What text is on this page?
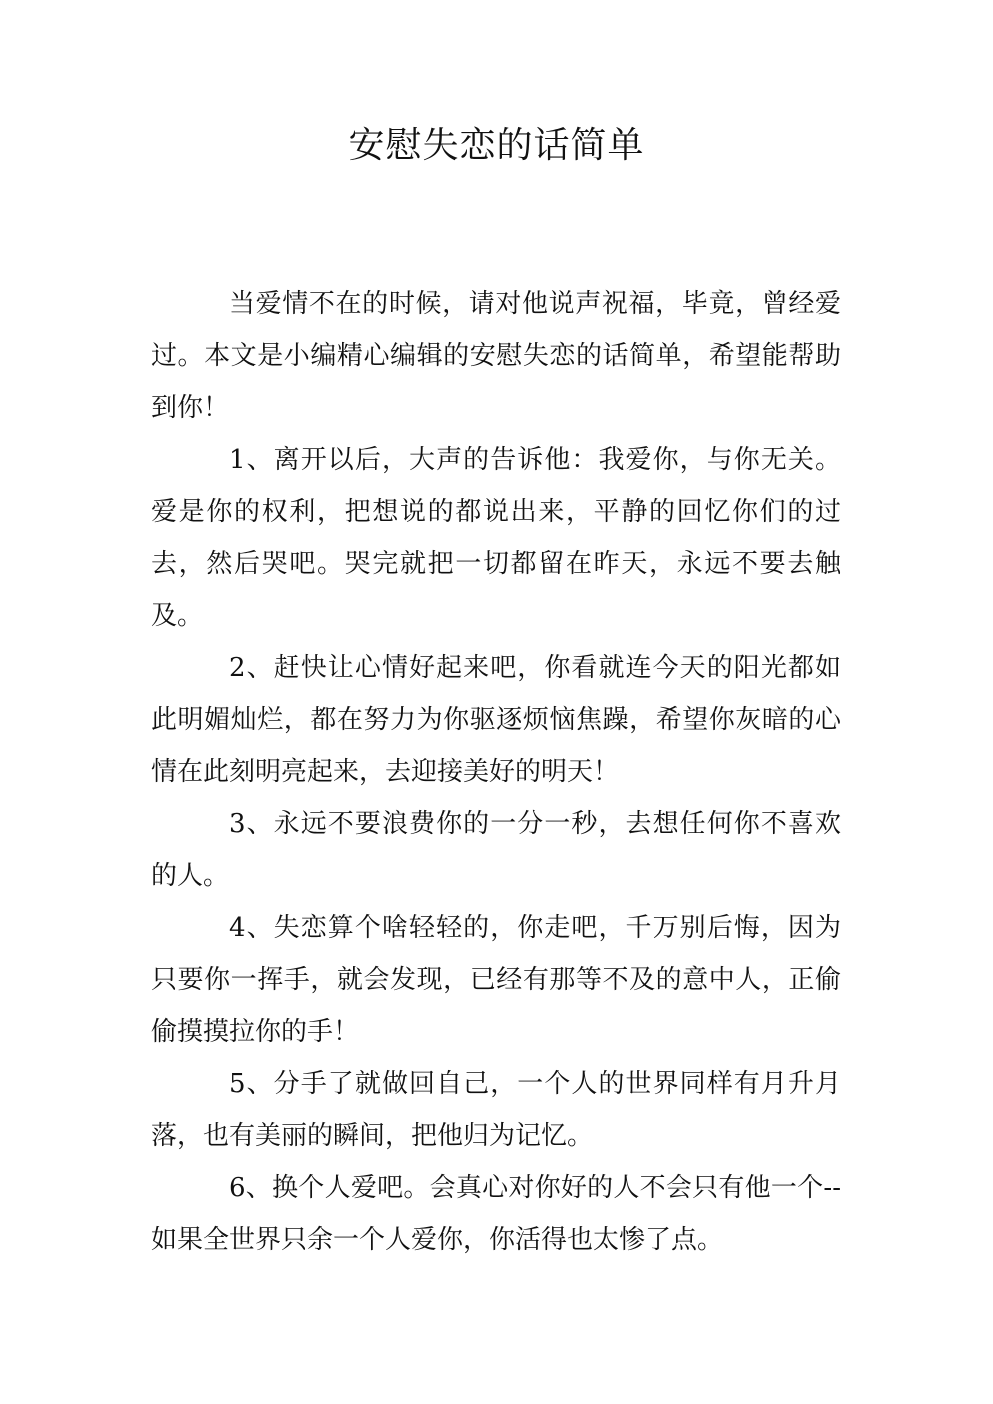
安慰失恋的话简单

当爱情不在的时候，请对他说声祝福，毕竟，曾经爱过。本文是小编精心编辑的安慰失恋的话简单，希望能帮助到你！

1、离开以后，大声的告诉他：我爱你，与你无关。爱是你的权利，把想说的都说出来，平静的回忆你们的过去，然后哭吧。哭完就把一切都留在昨天，永远不要去触及。

2、赶快让心情好起来吧，你看就连今天的阳光都如此明媚灿烂，都在努力为你驱逐烦恼焦躁，希望你灰暗的心情在此刻明亮起来，去迎接美好的明天！

3、永远不要浪费你的一分一秒，去想任何你不喜欢的人。

4、失恋算个啥轻轻的，你走吧，千万别后悔，因为只要你一挥手，就会发现，已经有那等不及的意中人，正偷偷摸摸拉你的手！

5、分手了就做回自己，一个人的世界同样有月升月落，也有美丽的瞬间，把他归为记忆。

6、换个人爱吧。会真心对你好的人不会只有他一个--如果全世界只余一个人爱你，你活得也太惨了点。
